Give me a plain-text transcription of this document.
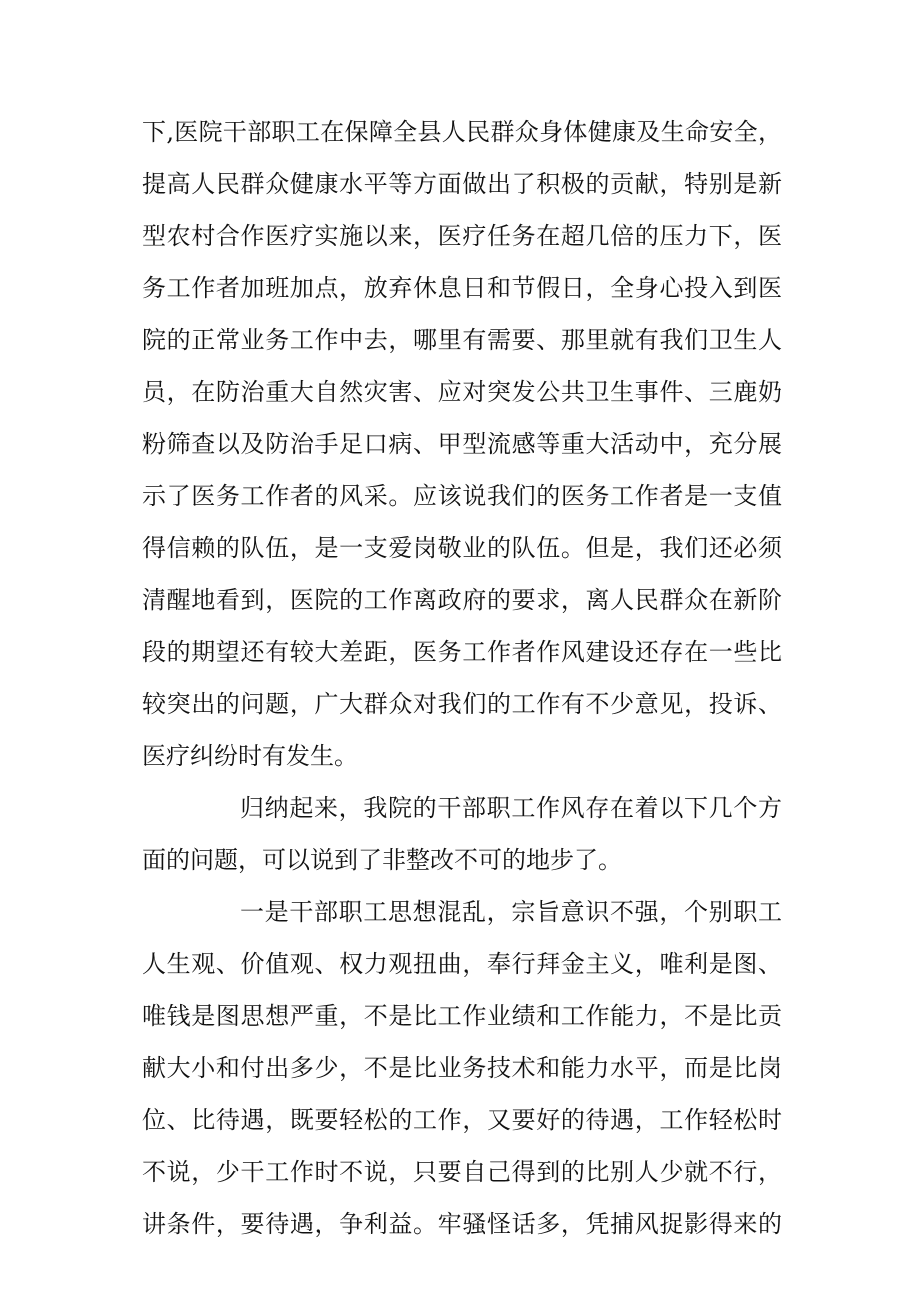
下,医院干部职工在保障全县人民群众身体健康及生命安全，
提高人民群众健康水平等方面做出了积极的贡献，特别是新
型农村合作医疗实施以来，医疗任务在超几倍的压力下，医
务工作者加班加点，放弃休息日和节假日，全身心投入到医
院的正常业务工作中去，哪里有需要、那里就有我们卫生人
员，在防治重大自然灾害、应对突发公共卫生事件、三鹿奶
粉筛查以及防治手足口病、甲型流感等重大活动中，充分展
示了医务工作者的风采。应该说我们的医务工作者是一支值
得信赖的队伍，是一支爱岗敬业的队伍。但是，我们还必须
清醒地看到，医院的工作离政府的要求，离人民群众在新阶
段的期望还有较大差距，医务工作者作风建设还存在一些比
较突出的问题，广大群众对我们的工作有不少意见，投诉、
医疗纠纷时有发生。
归纳起来，我院的干部职工作风存在着以下几个方
面的问题，可以说到了非整改不可的地步了。
一是干部职工思想混乱，宗旨意识不强，个别职工
人生观、价值观、权力观扭曲，奉行拜金主义，唯利是图、
唯钱是图思想严重，不是比工作业绩和工作能力，不是比贡
献大小和付出多少，不是比业务技术和能力水平，而是比岗
位、比待遇，既要轻松的工作，又要好的待遇，工作轻松时
不说，少干工作时不说，只要自己得到的比别人少就不行，
讲条件，要待遇，争利益。牢骚怪话多，凭捕风捉影得来的
